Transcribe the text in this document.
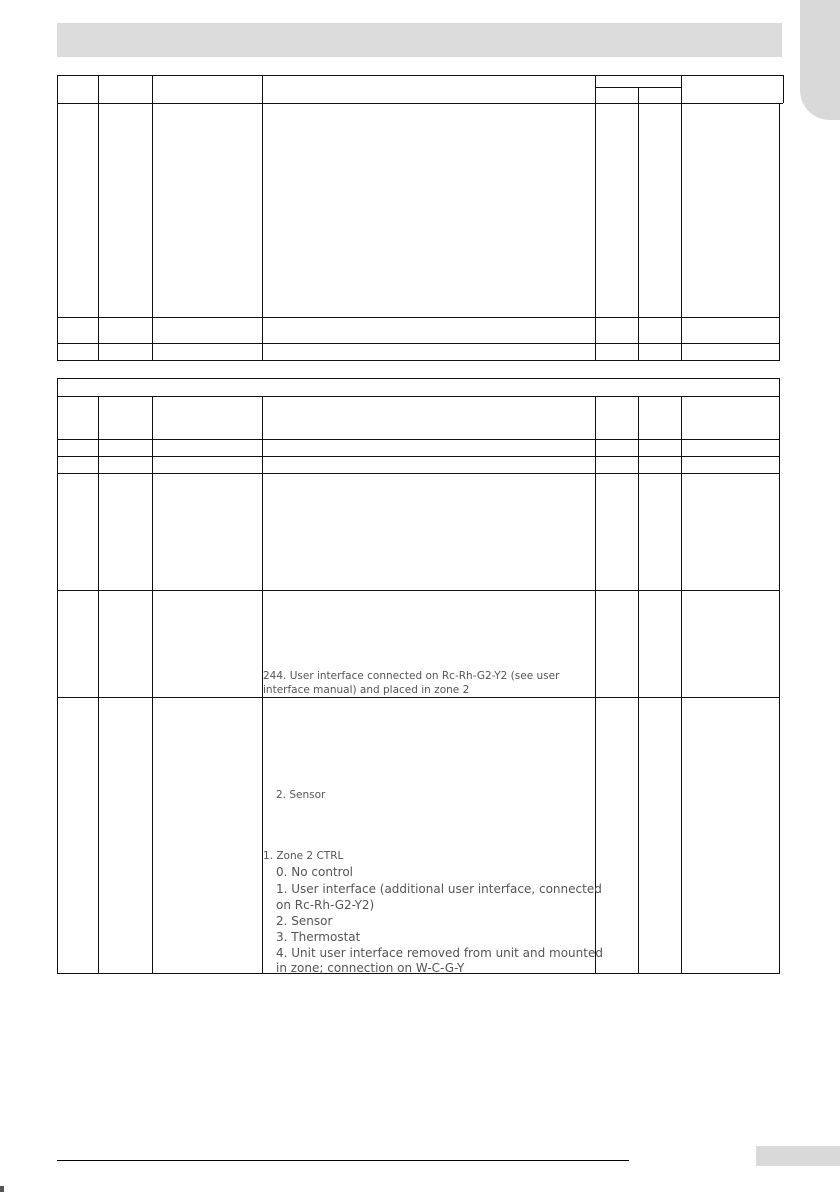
244. User interface connected on Rc-Rh-G2-Y2 (see user
interface manual) and placed in zone 2
2. Sensor
1. Zone 2 CTRL
0. No control
1. User interface (additional user interface, connected
on Rc-Rh-G2-Y2)
2. Sensor
3. Thermostat
4. Unit user interface removed from unit and mounted
in zone; connection on W-C-G-Y
